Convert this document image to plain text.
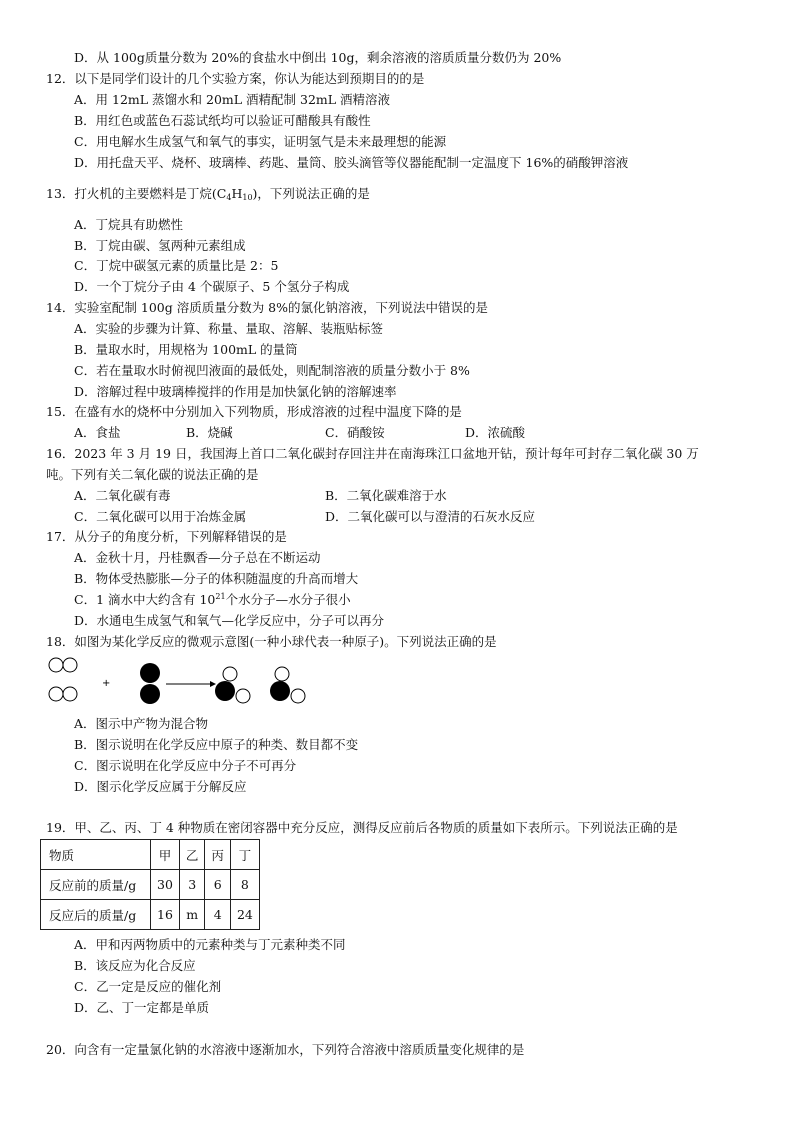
D．从 100g质量分数为 20%的食盐水中倒出 10g，剩余溶液的溶质质量分数仍为 20%
12．以下是同学们设计的几个实验方案，你认为能达到预期目的的是
A．用 12mL 蒸馏水和 20mL 酒精配制 32mL 酒精溶液
B．用红色或蓝色石蕊试纸均可以验证可醋酸具有酸性
C．用电解水生成氢气和氧气的事实，证明氢气是未来最理想的能源
D．用托盘天平、烧杯、玻璃棒、药匙、量筒、胶头滴管等仪器能配制一定温度下 16%的硝酸钾溶液
13．打火机的主要燃料是丁烷$(C_4H_{10})$，下列说法正确的是
A．丁烷具有助燃性
B．丁烷由碳、氢两种元素组成
C．丁烷中碳氢元素的质量比是 2：5
D．一个丁烷分子由 4 个碳原子、5 个氢分子构成
14．实验室配制 100g 溶质质量分数为 8%的氯化钠溶液，下列说法中错误的是
A．实验的步骤为计算、称量、量取、溶解、装瓶贴标签
B．量取水时，用规格为 100mL 的量筒
C．若在量取水时俯视凹液面的最低处，则配制溶液的质量分数小于 8%
D．溶解过程中玻璃棒搅拌的作用是加快氯化钠的溶解速率
15．在盛有水的烧杯中分别加入下列物质，形成溶液的过程中温度下降的是
A．食盐	B．烧碱	C．硝酸铵	D．浓硫酸
16．2023 年 3 月 19 日，我国海上首口二氧化碳封存回注井在南海珠江口盆地开钻，预计每年可封存二氧化碳 30 万
吨。下列有关二氧化碳的说法正确的是
A．二氧化碳有毒	B．二氧化碳难溶于水
C．二氧化碳可以用于冶炼金属	D．二氧化碳可以与澄清的石灰水反应
17．从分子的角度分析，下列解释错误的是
A．金秋十月，丹桂飘香—分子总在不断运动
B．物体受热膨胀—分子的体积随温度的升高而增大
C．1 滴水中大约含有 $10^{21}$个水分子—水分子很小
D．水通电生成氢气和氧气—化学反应中，分子可以再分
18．如图为某化学反应的微观示意图(一种小球代表一种原子)。下列说法正确的是
+
A．图示中产物为混合物
B．图示说明在化学反应中原子的种类、数目都不变
C．图示说明在化学反应中分子不可再分
D．图示化学反应属于分解反应
19．甲、乙、丙、丁 4 种物质在密闭容器中充分反应，测得反应前后各物质的质量如下表所示。下列说法正确的是
物质	甲	乙	丙	丁
反应前的质量/g	30	3	6	8
反应后的质量/g	16	m	4	24
A．甲和丙两物质中的元素种类与丁元素种类不同
B．该反应为化合反应
C．乙一定是反应的催化剂
D．乙、丁一定都是单质
20．向含有一定量氯化钠的水溶液中逐渐加水，下列符合溶液中溶质质量变化规律的是
